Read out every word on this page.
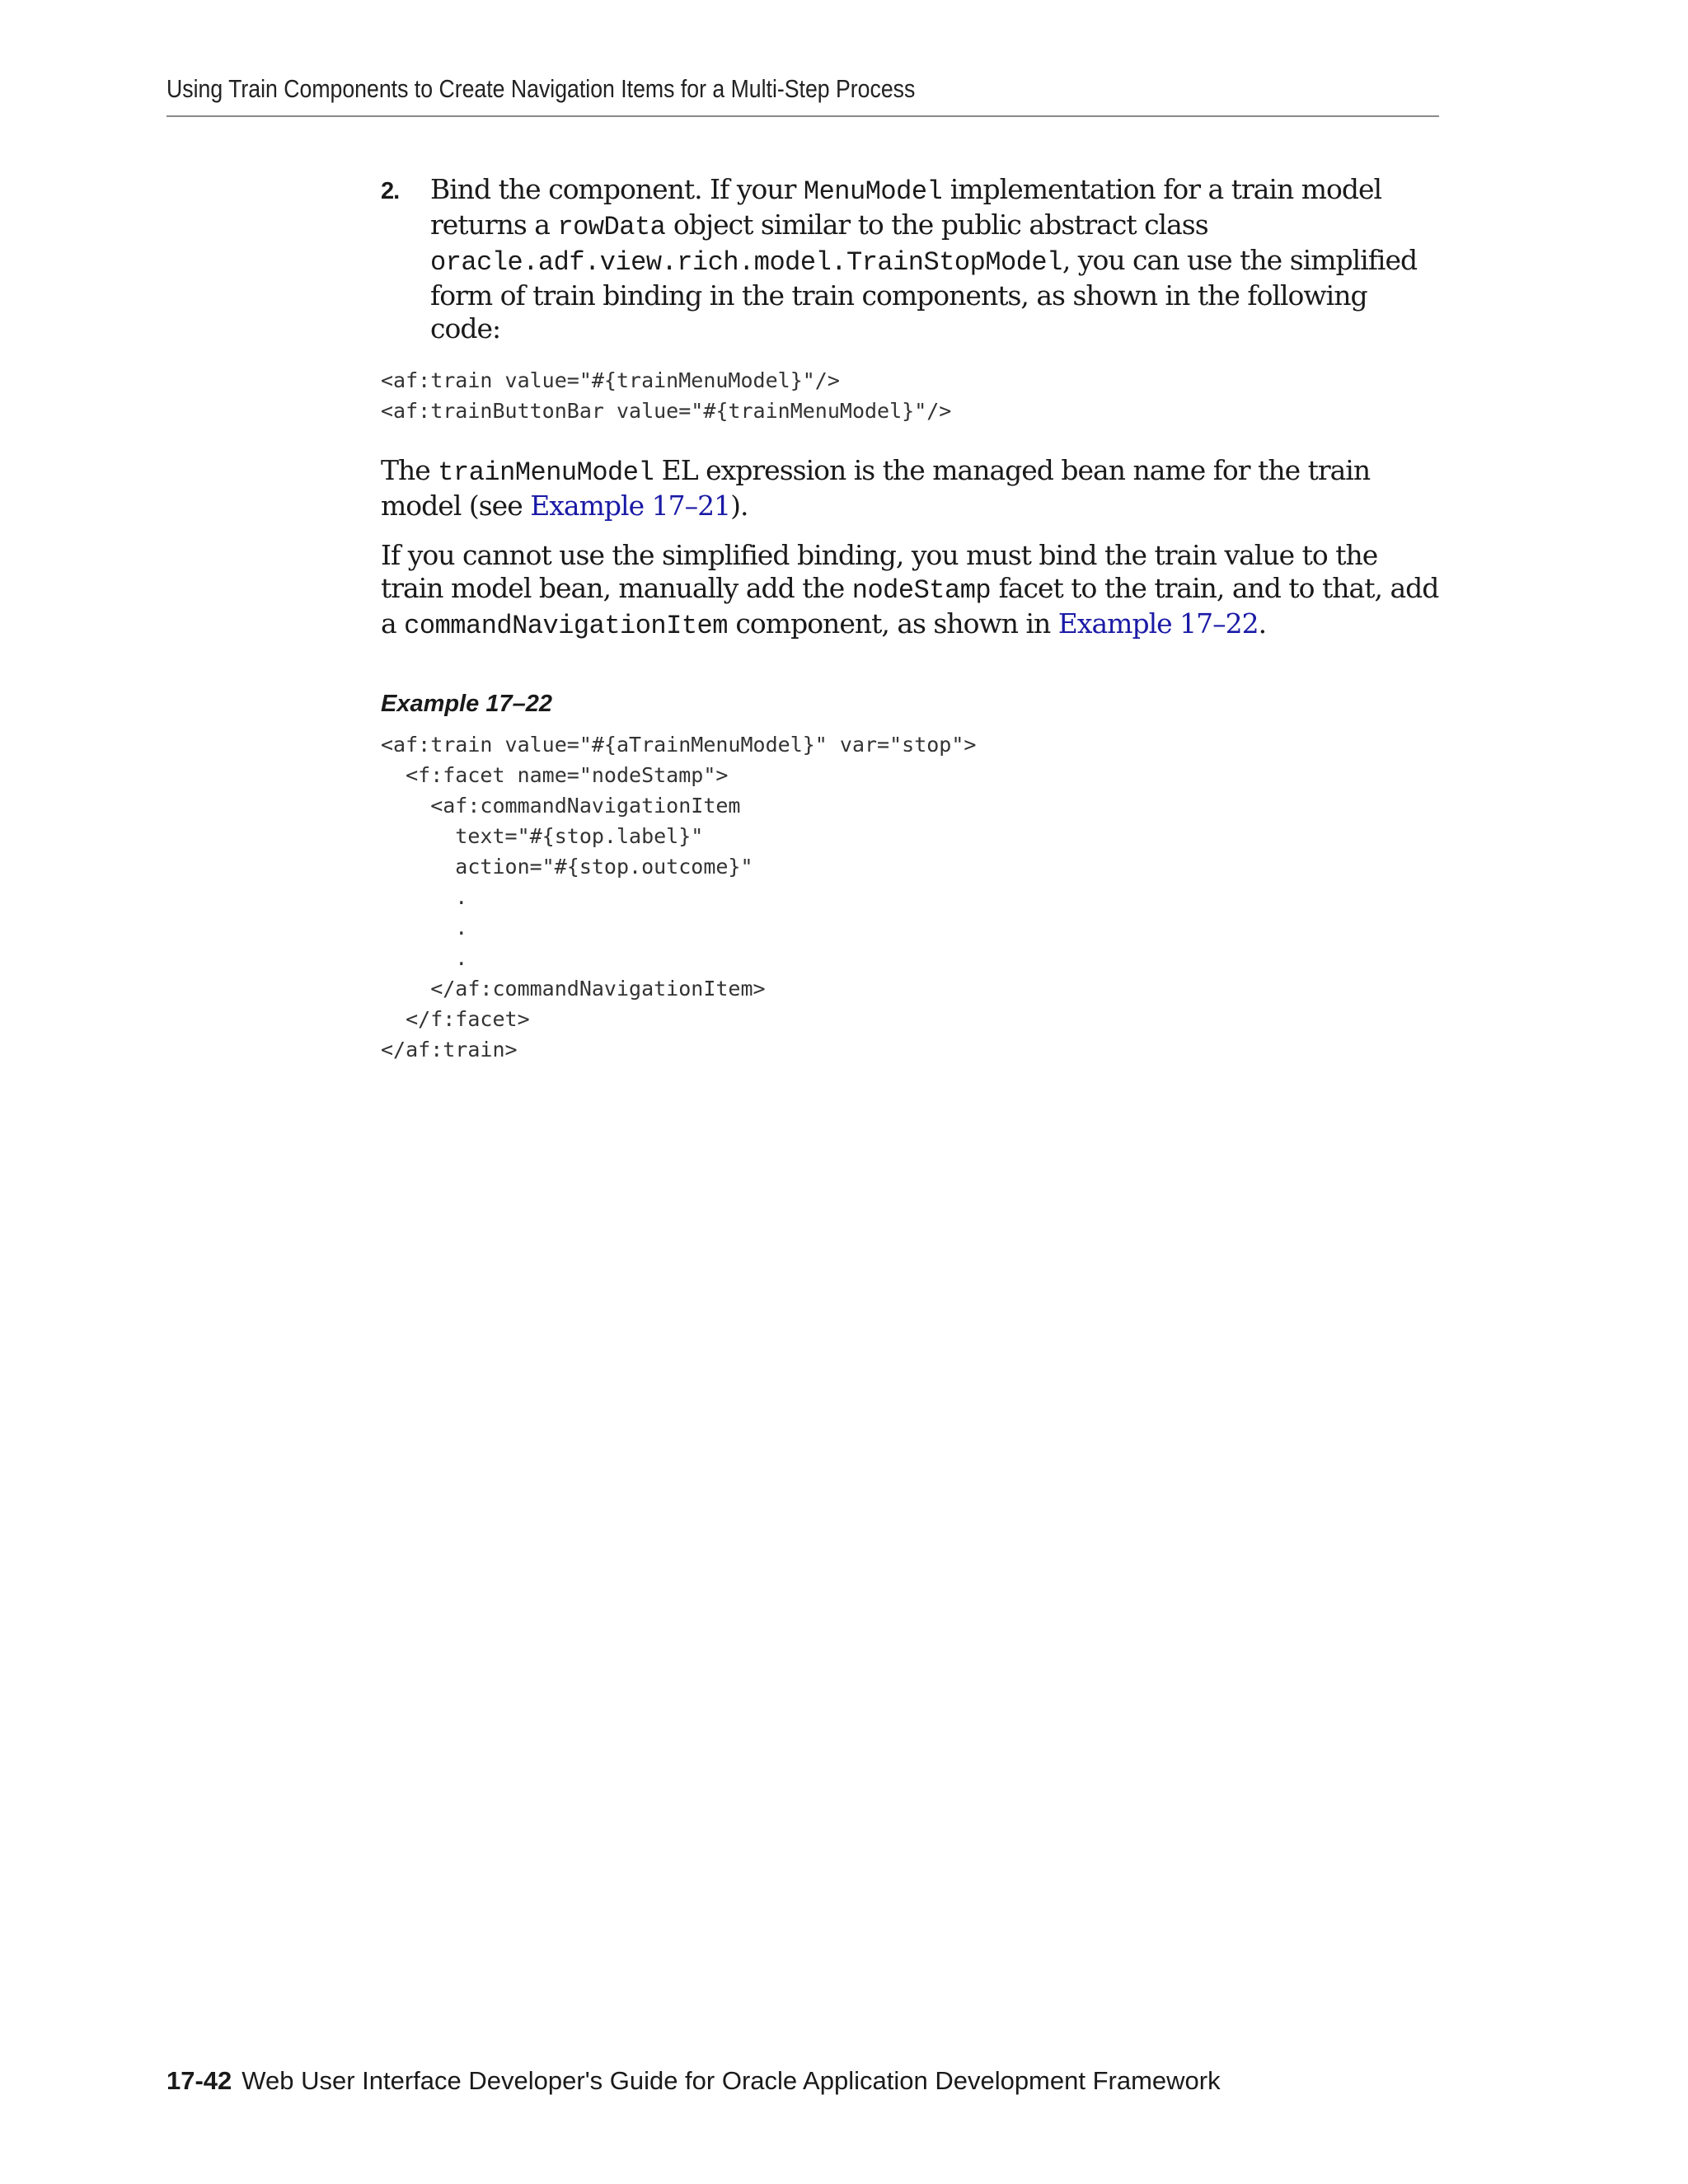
Using Train Components to Create Navigation Items for a Multi-Step Process
2. Bind the component. If your MenuModel implementation for a train model returns a rowData object similar to the public abstract class oracle.adf.view.rich.model.TrainStopModel, you can use the simplified form of train binding in the train components, as shown in the following code:

<af:train value="#{trainMenuModel}"/>
<af:trainButtonBar value="#{trainMenuModel}"/>

The trainMenuModel EL expression is the managed bean name for the train model (see Example 17–21).

If you cannot use the simplified binding, you must bind the train value to the train model bean, manually add the nodeStamp facet to the train, and to that, add a commandNavigationItem component, as shown in Example 17–22.

Example 17–22
<af:train value="#{aTrainMenuModel}" var="stop">
<f:facet name="nodeStamp">
<af:commandNavigationItem
text="#{stop.label}"
action="#{stop.outcome}"
.
.
.
</af:commandNavigationItem>
</f:facet>
</af:train>
17-42 Web User Interface Developer's Guide for Oracle Application Development Framework
